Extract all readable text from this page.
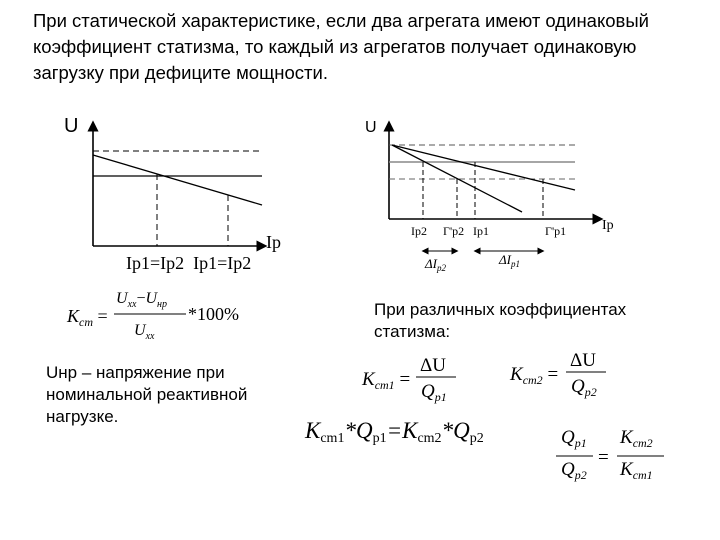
При статической характеристике, если два агрегата имеют одинаковый коэффициент статизма, то каждый из агрегатов получает одинаковую загрузку при дефиците мощности.
U
Ip
Ip1=Ip2  Ip1=Ip2
U
Ip
Ip2 Г'p2 Ip1	Г'p1
$\Delta I_{p2}$
$\Delta I_{p1}$
$K_{cm}$ =
$U_{xx}-U_{нр}$
$U_{xx}$
*100%
$K_{cm1}$ =
ΔU
$Q_{p1}$
$K_{cm2}$ =
ΔU
$Q_{p2}$
Kcm1*Qp1=Kcm2*Qp2	$Q_{p1}$
$Q_{p2}$
=
$K_{cm2}$
$K_{cm1}$
Uнр – напряжение при номинальной реактивной нагрузке.
При различных коэффициентах статизма:
